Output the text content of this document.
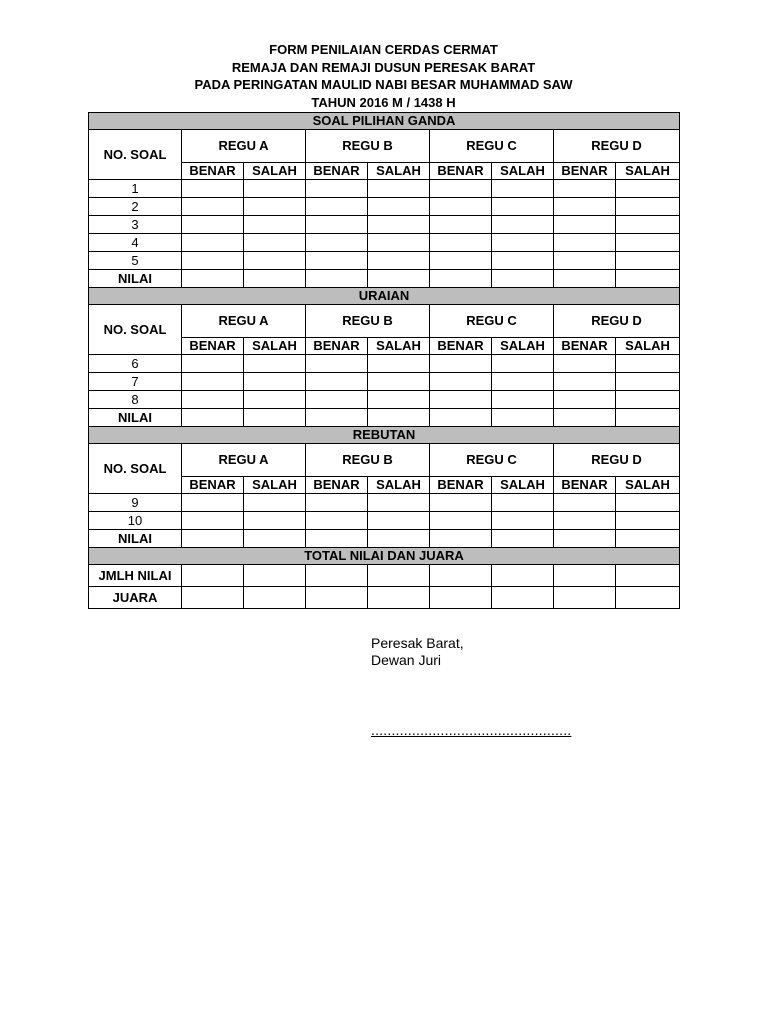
FORM PENILAIAN CERDAS CERMAT
REMAJA DAN REMAJI DUSUN PERESAK BARAT
PADA PERINGATAN MAULID NABI BESAR MUHAMMAD SAW
TAHUN 2016 M / 1438 H
SOAL PILIHAN GANDA								
NO. SOAL	REGU A		REGU B		REGU C		REGU D	
	BENAR	SALAH	BENAR	SALAH	BENAR	SALAH	BENAR	SALAH
1								
2								
3								
4								
5								
NILAI								
URAIAN								
NO. SOAL	REGU A		REGU B		REGU C		REGU D	
	BENAR	SALAH	BENAR	SALAH	BENAR	SALAH	BENAR	SALAH
6								
7								
8								
NILAI								
REBUTAN								
NO. SOAL	REGU A		REGU B		REGU C		REGU D	
	BENAR	SALAH	BENAR	SALAH	BENAR	SALAH	BENAR	SALAH
9								
10								
NILAI								
TOTAL NILAI DAN JUARA								
JMLH NILAI								
JUARA								
Peresak Barat,
Dewan Juri
.................................................
